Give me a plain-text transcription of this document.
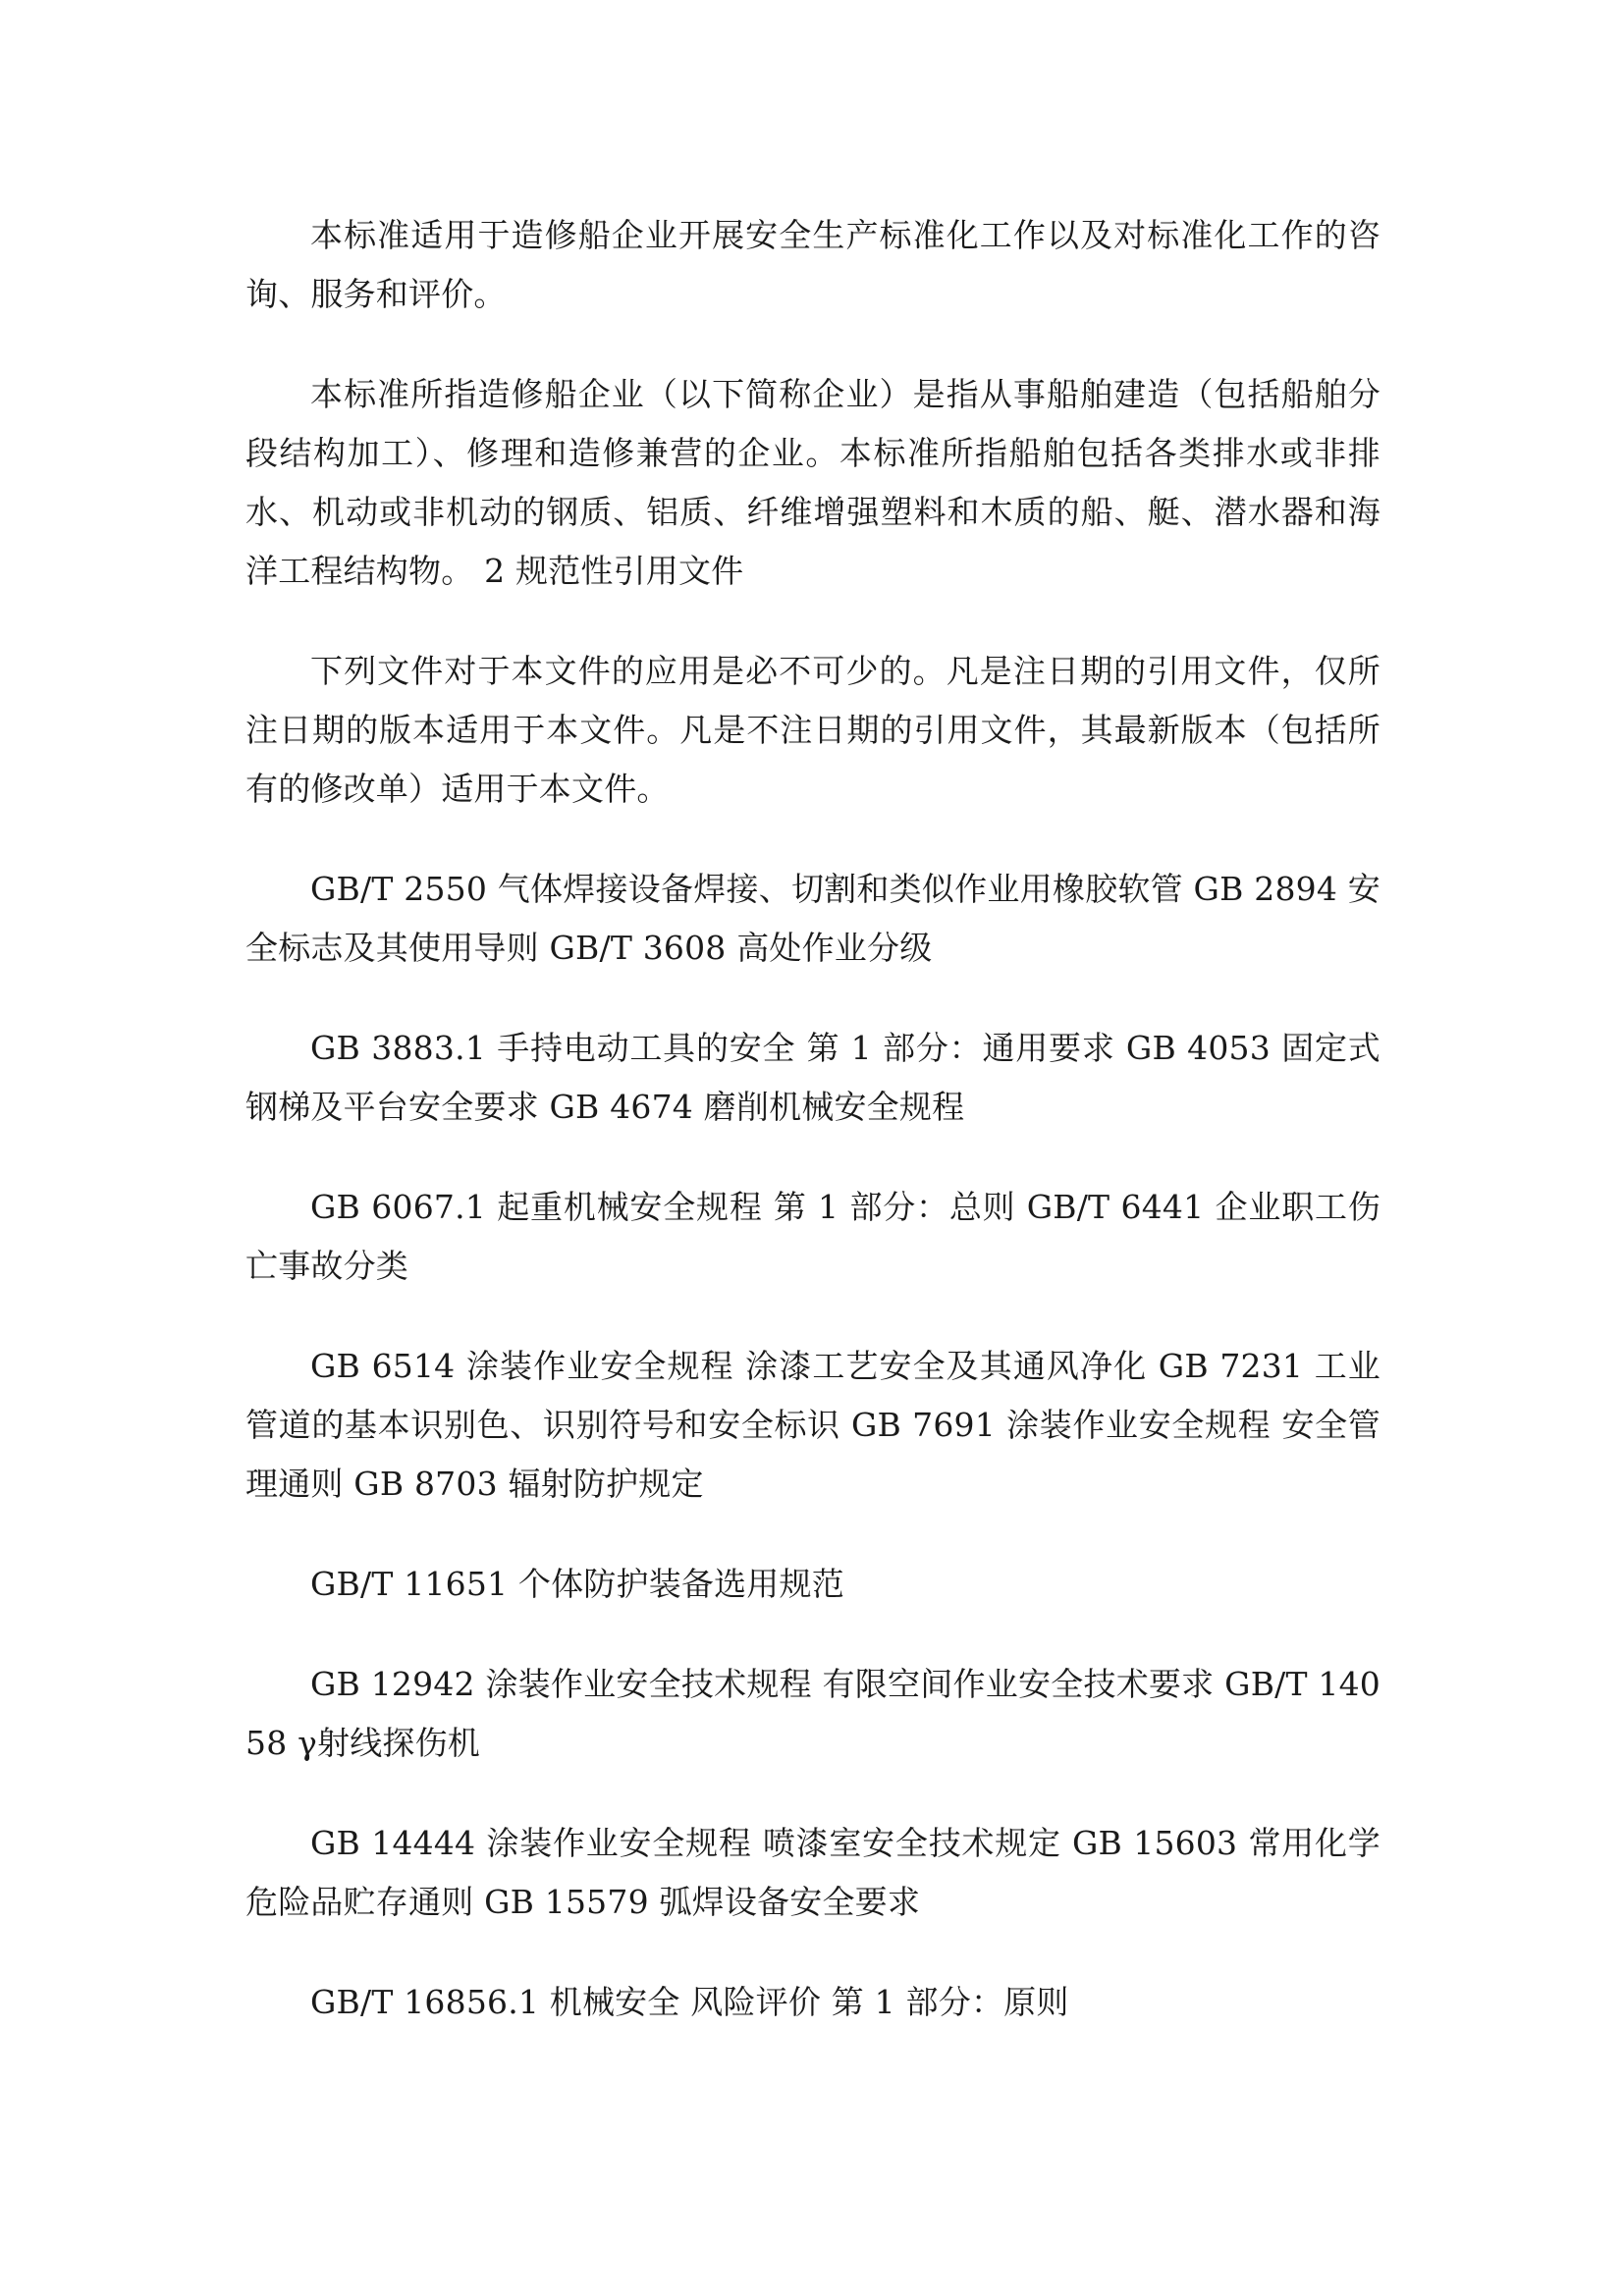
本标准适用于造修船企业开展安全生产标准化工作以及对标准化工作的咨询、服务和评价。

本标准所指造修船企业（以下简称企业）是指从事船舶建造（包括船舶分段结构加工）、修理和造修兼营的企业。本标准所指船舶包括各类排水或非排水、机动或非机动的钢质、铝质、纤维增强塑料和木质的船、艇、潜水器和海洋工程结构物。 2 规范性引用文件

下列文件对于本文件的应用是必不可少的。凡是注日期的引用文件，仅所注日期的版本适用于本文件。凡是不注日期的引用文件，其最新版本（包括所有的修改单）适用于本文件。

GB/T 2550 气体焊接设备焊接、切割和类似作业用橡胶软管 GB 2894 安全标志及其使用导则 GB/T 3608 高处作业分级

GB 3883.1 手持电动工具的安全 第 1 部分：通用要求 GB 4053 固定式钢梯及平台安全要求 GB 4674 磨削机械安全规程

GB 6067.1 起重机械安全规程 第 1 部分：总则 GB/T 6441 企业职工伤亡事故分类

GB 6514 涂装作业安全规程 涂漆工艺安全及其通风净化 GB 7231 工业管道的基本识别色、识别符号和安全标识 GB 7691 涂装作业安全规程 安全管理通则 GB 8703 辐射防护规定

GB/T 11651 个体防护装备选用规范

GB 12942 涂装作业安全技术规程 有限空间作业安全技术要求 GB/T 14058 γ射线探伤机

GB 14444 涂装作业安全规程 喷漆室安全技术规定 GB 15603 常用化学危险品贮存通则 GB 15579 弧焊设备安全要求

GB/T 16856.1 机械安全 风险评价 第 1 部分：原则
